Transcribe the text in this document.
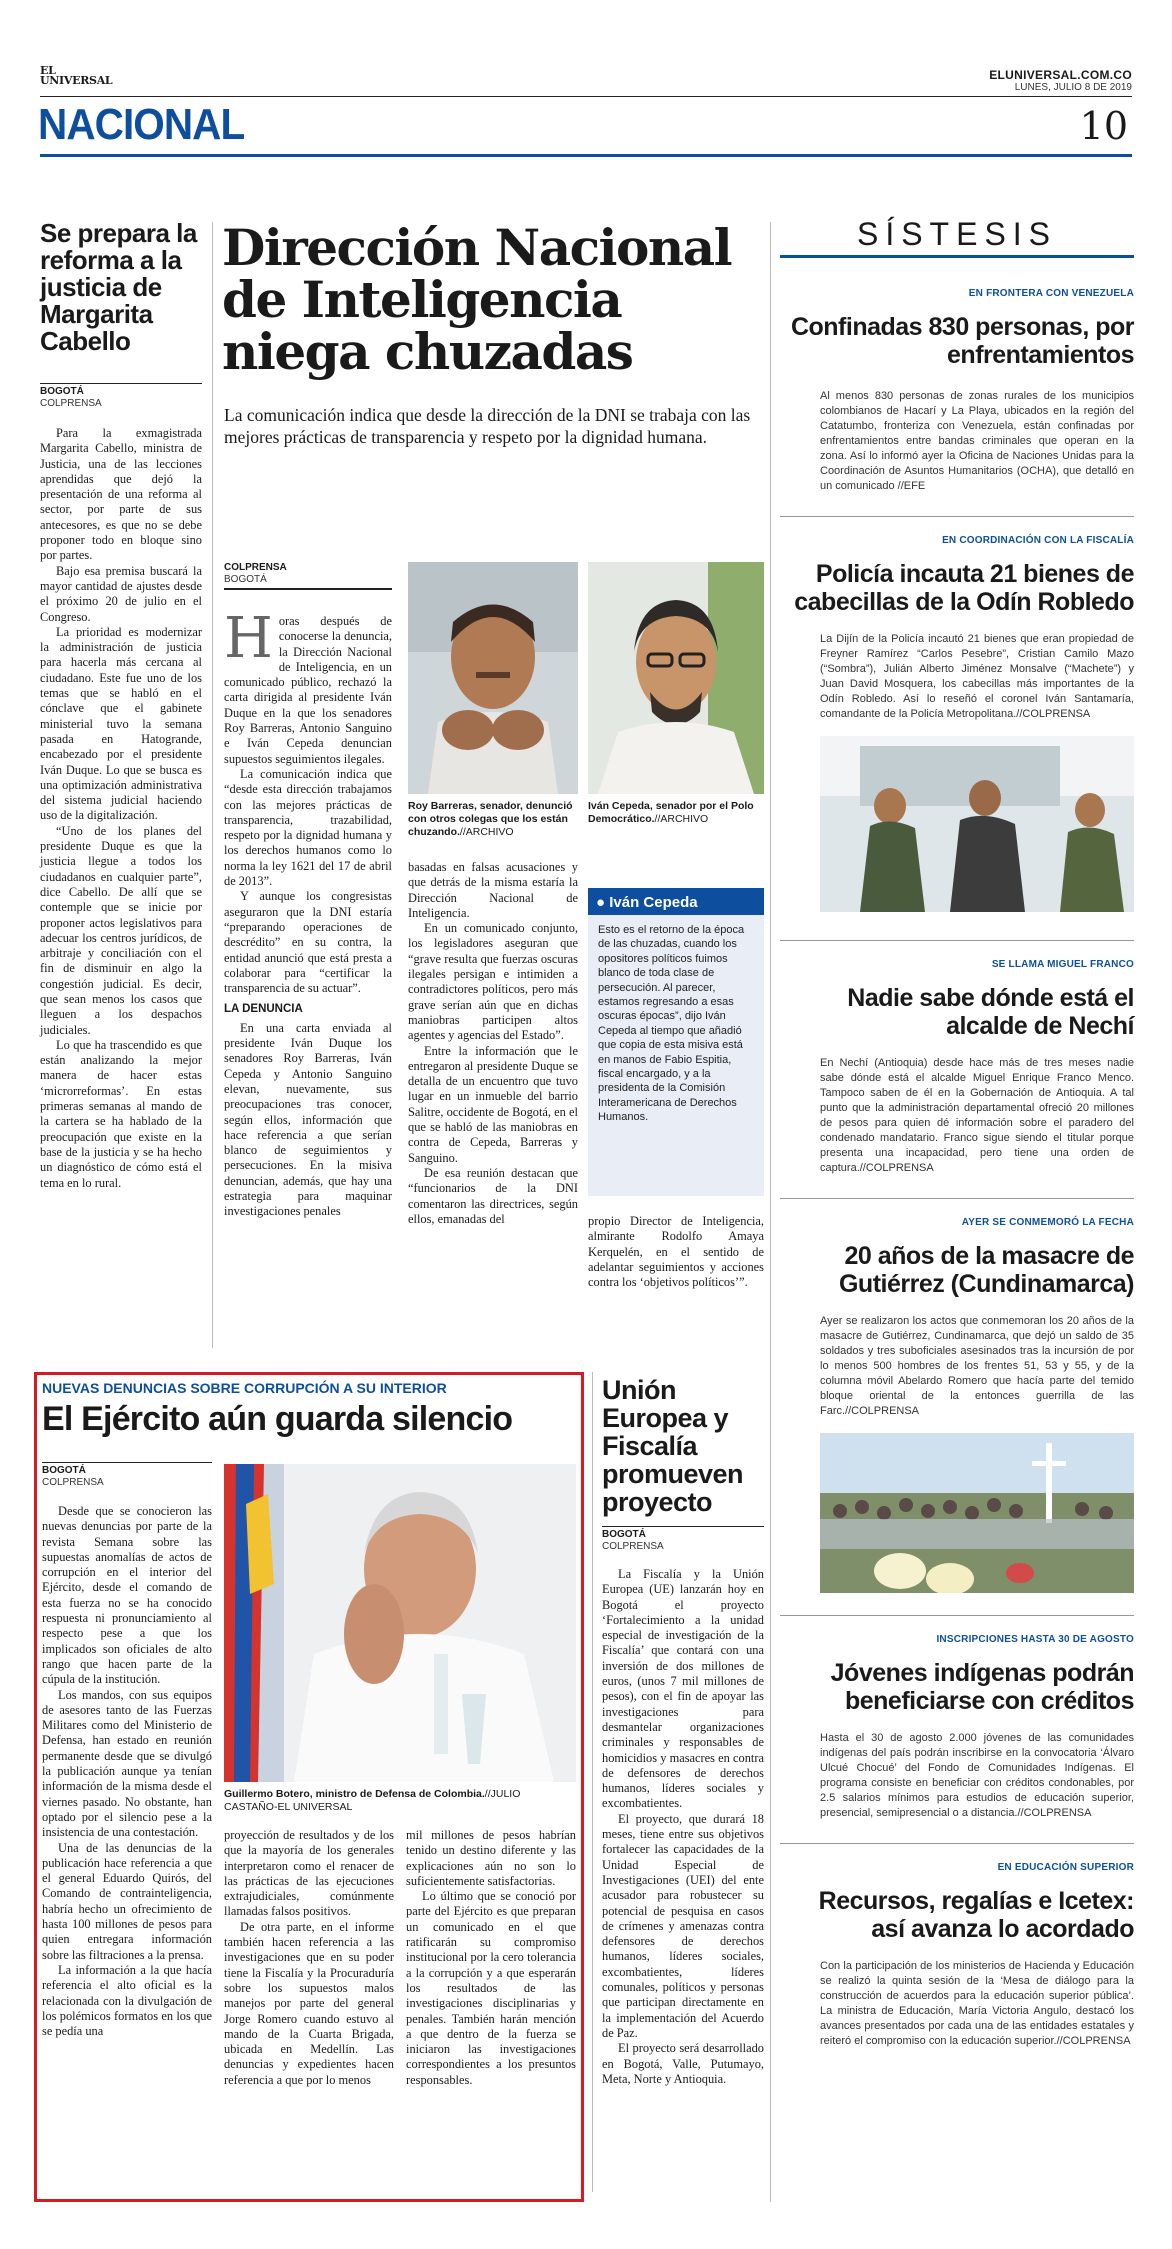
EL
UNIVERSAL	ELUNIVERSAL.COM.CO
LUNES, JULIO 8 DE 2019
NACIONAL	10
Se prepara la reforma a la justicia de Margarita Cabello
BOGOTÁ
COLPRENSA

Para la exmagistrada Margarita Cabello, ministra de Justicia, una de las lecciones aprendidas que dejó la presentación de una reforma al sector, por parte de sus antecesores, es que no se debe proponer todo en bloque sino por partes.

Bajo esa premisa buscará la mayor cantidad de ajustes desde el próximo 20 de julio en el Congreso.

La prioridad es modernizar la administración de justicia para hacerla más cercana al ciudadano. Este fue uno de los temas que se habló en el cónclave que el gabinete ministerial tuvo la semana pasada en Hatogrande, encabezado por el presidente Iván Duque. Lo que se busca es una optimización administrativa del sistema judicial haciendo uso de la digitalización.

“Uno de los planes del presidente Duque es que la justicia llegue a todos los ciudadanos en cualquier parte”, dice Cabello. De allí que se contemple que se inicie por proponer actos legislativos para adecuar los centros jurídicos, de arbitraje y conciliación con el fin de disminuir en algo la congestión judicial. Es decir, que sean menos los casos que lleguen a los despachos judiciales.

Lo que ha trascendido es que están analizando la mejor manera de hacer estas ‘microrreformas’. En estas primeras semanas al mando de la cartera se ha hablado de la preocupación que existe en la base de la justicia y se ha hecho un diagnóstico de cómo está el tema en lo rural.

Dirección Nacional de Inteligencia niega chuzadas
La comunicación indica que desde la dirección de la DNI se trabaja con las mejores prácticas de transparencia y respeto por la dignidad humana.
COLPRENSA
BOGOTÁ
H oras después de conocerse la denuncia, la Dirección Nacional de Inteligencia, en un comunicado público, rechazó la carta dirigida al presidente Iván Duque en la que los senadores Roy Barreras, Antonio Sanguino e Iván Cepeda denuncian supuestos seguimientos ilegales.

La comunicación indica que “desde esta dirección trabajamos con las mejores prácticas de transparencia, trazabilidad, respeto por la dignidad humana y los derechos humanos como lo norma la ley 1621 del 17 de abril de 2013”.

Y aunque los congresistas aseguraron que la DNI estaría “preparando operaciones de descrédito” en su contra, la entidad anunció que está presta a colaborar para “certificar la transparencia de su actuar”.

LA DENUNCIA

En una carta enviada al presidente Iván Duque los senadores Roy Barreras, Iván Cepeda y Antonio Sanguino elevan, nuevamente, sus preocupaciones tras conocer, según ellos, información que hace referencia a que serían blanco de seguimientos y persecuciones. En la misiva denuncian, además, que hay una estrategia para maquinar investigaciones penales

Roy Barreras, senador, denunció con otros colegas que los están chuzando.//ARCHIVO
Iván Cepeda, senador por el Polo Democrático.//ARCHIVO

basadas en falsas acusaciones y que detrás de la misma estaría la Dirección Nacional de Inteligencia.

En un comunicado conjunto, los legisladores aseguran que “grave resulta que fuerzas oscuras ilegales persigan e intimiden a contradictores políticos, pero más grave serían aún que en dichas maniobras participen altos agentes y agencias del Estado”.

Entre la información que le entregaron al presidente Duque se detalla de un encuentro que tuvo lugar en un inmueble del barrio Salitre, occidente de Bogotá, en el que se habló de las maniobras en contra de Cepeda, Barreras y Sanguino.

De esa reunión destacan que “funcionarios de la DNI comentaron las directrices, según ellos, emanadas del

● Iván Cepeda
Esto es el retorno de la época de las chuzadas, cuando los opositores políticos fuimos blanco de toda clase de persecución. Al parecer, estamos regresando a esas oscuras épocas”, dijo Iván Cepeda al tiempo que añadió que copia de esta misiva está en manos de Fabio Espitia, fiscal encargado, y a la presidenta de la Comisión Interamericana de Derechos Humanos.

propio Director de Inteligencia, almirante Rodolfo Amaya Kerquelén, en el sentido de adelantar seguimientos y acciones contra los ‘objetivos políticos’”.

NUEVAS DENUNCIAS SOBRE CORRUPCIÓN A SU INTERIOR
El Ejército aún guarda silencio
BOGOTÁ
COLPRENSA

Desde que se conocieron las nuevas denuncias por parte de la revista Semana sobre las supuestas anomalías de actos de corrupción en el interior del Ejército, desde el comando de esta fuerza no se ha conocido respuesta ni pronunciamiento al respecto pese a que los implicados son oficiales de alto rango que hacen parte de la cúpula de la institución.

Los mandos, con sus equipos de asesores tanto de las Fuerzas Militares como del Ministerio de Defensa, han estado en reunión permanente desde que se divulgó la publicación aunque ya tenían información de la misma desde el viernes pasado. No obstante, han optado por el silencio pese a la insistencia de una contestación.

Una de las denuncias de la publicación hace referencia a que el general Eduardo Quirós, del Comando de contrainteligencia, habría hecho un ofrecimiento de hasta 100 millones de pesos para quien entregara información sobre las filtraciones a la prensa.

La información a la que hacía referencia el alto oficial es la relacionada con la divulgación de los polémicos formatos en los que se pedía una

Guillermo Botero, ministro de Defensa de Colombia.//JULIO CASTAÑO-EL UNIVERSAL

proyección de resultados y de los que la mayoría de los generales interpretaron como el renacer de las prácticas de las ejecuciones extrajudiciales, comúnmente llamadas falsos positivos.

De otra parte, en el informe también hacen referencia a las investigaciones que en su poder tiene la Fiscalía y la Procuraduría sobre los supuestos malos manejos por parte del general Jorge Romero cuando estuvo al mando de la Cuarta Brigada, ubicada en Medellín. Las denuncias y expedientes hacen referencia a que por lo menos

mil millones de pesos habrían tenido un destino diferente y las explicaciones aún no son lo suficientemente satisfactorias.

Lo último que se conoció por parte del Ejército es que preparan un comunicado en el que ratificarán su compromiso institucional por la cero tolerancia a la corrupción y a que esperarán los resultados de las investigaciones disciplinarias y penales. También harán mención a que dentro de la fuerza se iniciaron las investigaciones correspondientes a los presuntos responsables.

Unión Europea y Fiscalía promueven proyecto
BOGOTÁ
COLPRENSA

La Fiscalía y la Unión Europea (UE) lanzarán hoy en Bogotá el proyecto ‘Fortalecimiento a la unidad especial de investigación de la Fiscalía’ que contará con una inversión de dos millones de euros, (unos 7 mil millones de pesos), con el fin de apoyar las investigaciones para desmantelar organizaciones criminales y responsables de homicidios y masacres en contra de defensores de derechos humanos, líderes sociales y excombatientes.

El proyecto, que durará 18 meses, tiene entre sus objetivos fortalecer las capacidades de la Unidad Especial de Investigaciones (UEI) del ente acusador para robustecer su potencial de pesquisa en casos de crímenes y amenazas contra defensores de derechos humanos, líderes sociales, excombatientes, líderes comunales, políticos y personas que participan directamente en la implementación del Acuerdo de Paz.

El proyecto será desarrollado en Bogotá, Valle, Putumayo, Meta, Norte y Antioquia.

SÍSTESIS
EN FRONTERA CON VENEZUELA
Confinadas 830 personas, por enfrentamientos
Al menos 830 personas de zonas rurales de los municipios colombianos de Hacarí y La Playa, ubicados en la región del Catatumbo, fronteriza con Venezuela, están confinadas por enfrentamientos entre bandas criminales que operan en la zona. Así lo informó ayer la Oficina de Naciones Unidas para la Coordinación de Asuntos Humanitarios (OCHA), que detalló en un comunicado //EFE
EN COORDINACIÓN CON LA FISCALÍA
Policía incauta 21 bienes de cabecillas de la Odín Robledo
La Dijín de la Policía incautó 21 bienes que eran propiedad de Freyner Ramírez “Carlos Pesebre”, Cristian Camilo Mazo (“Sombra”), Julián Alberto Jiménez Monsalve (“Machete”) y Juan David Mosquera, los cabecillas más importantes de la Odín Robledo. Así lo reseñó el coronel Iván Santamaría, comandante de la Policía Metropolitana.//COLPRENSA
SE LLAMA MIGUEL FRANCO
Nadie sabe dónde está el alcalde de Nechí
En Nechí (Antioquia) desde hace más de tres meses nadie sabe dónde está el alcalde Miguel Enrique Franco Menco. Tampoco saben de él en la Gobernación de Antioquia. A tal punto que la administración departamental ofreció 20 millones de pesos para quien dé información sobre el paradero del condenado mandatario. Franco sigue siendo el titular porque presenta una incapacidad, pero tiene una orden de captura.//COLPRENSA
AYER SE CONMEMORÓ LA FECHA
20 años de la masacre de Gutiérrez (Cundinamarca)
Ayer se realizaron los actos que conmemoran los 20 años de la masacre de Gutiérrez, Cundinamarca, que dejó un saldo de 35 soldados y tres suboficiales asesinados tras la incursión de por lo menos 500 hombres de los frentes 51, 53 y 55, y de la columna móvil Abelardo Romero que hacía parte del temido bloque oriental de la entonces guerrilla de las Farc.//COLPRENSA
INSCRIPCIONES HASTA 30 DE AGOSTO
Jóvenes indígenas podrán beneficiarse con créditos
Hasta el 30 de agosto 2.000 jóvenes de las comunidades indígenas del país podrán inscribirse en la convocatoria ‘Álvaro Ulcué Chocué’ del Fondo de Comunidades Indígenas. El programa consiste en beneficiar con créditos condonables, por 2.5 salarios mínimos para estudios de educación superior, presencial, semipresencial o a distancia.//COLPRENSA
EN EDUCACIÓN SUPERIOR
Recursos, regalías e Icetex: así avanza lo acordado
Con la participación de los ministerios de Hacienda y Educación se realizó la quinta sesión de la ‘Mesa de diálogo para la construcción de acuerdos para la educación superior pública’. La ministra de Educación, María Victoria Angulo, destacó los avances presentados por cada una de las entidades estatales y reiteró el compromiso con la educación superior.//COLPRENSA
